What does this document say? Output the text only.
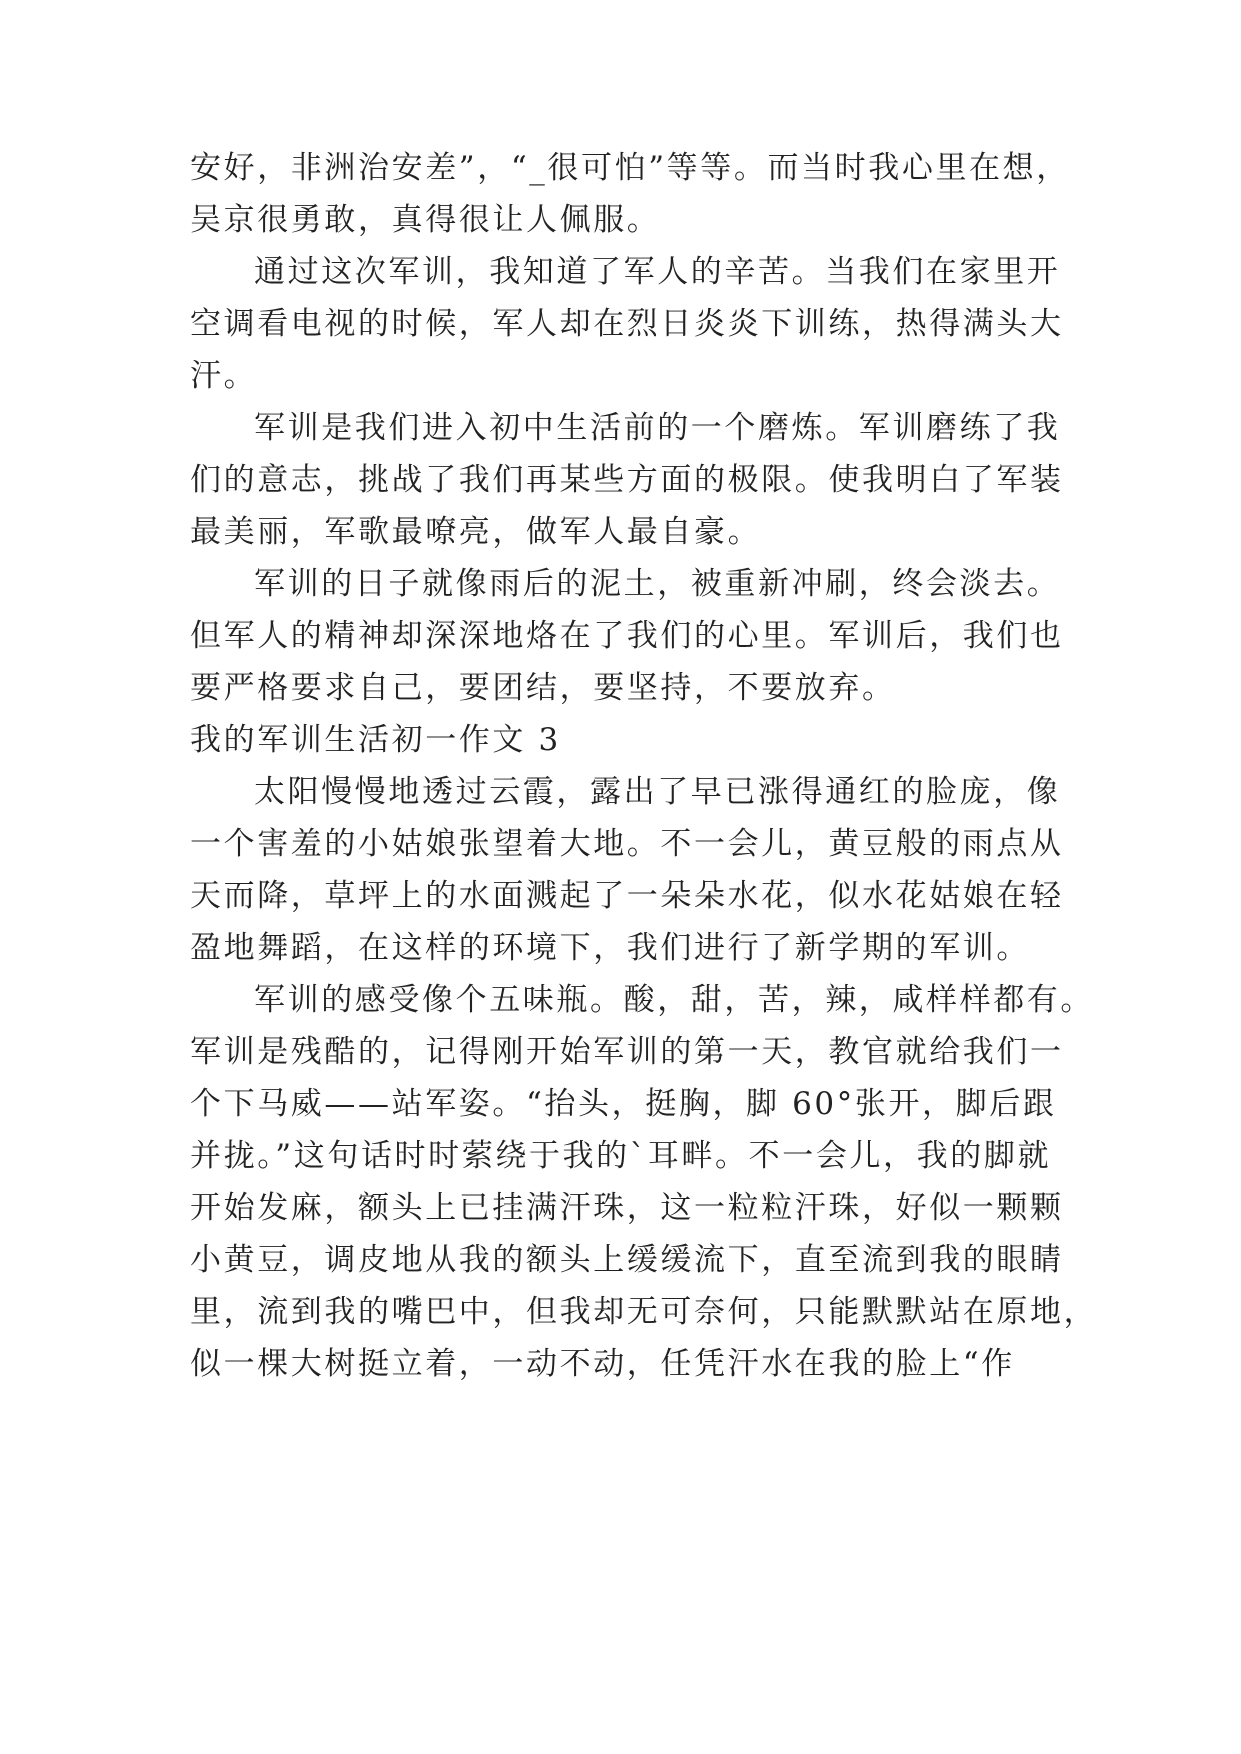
安好，非洲治安差”，“_很可怕”等等。而当时我心里在想，
吴京很勇敢，真得很让人佩服。
通过这次军训，我知道了军人的辛苦。当我们在家里开
空调看电视的时候，军人却在烈日炎炎下训练，热得满头大
汗。
军训是我们进入初中生活前的一个磨炼。军训磨练了我
们的意志，挑战了我们再某些方面的极限。使我明白了军装
最美丽，军歌最嘹亮，做军人最自豪。
军训的日子就像雨后的泥土，被重新冲刷，终会淡去。
但军人的精神却深深地烙在了我们的心里。军训后，我们也
要严格要求自己，要团结，要坚持，不要放弃。
我的军训生活初一作文 3
太阳慢慢地透过云霞，露出了早已涨得通红的脸庞，像
一个害羞的小姑娘张望着大地。不一会儿，黄豆般的雨点从
天而降，草坪上的水面溅起了一朵朵水花，似水花姑娘在轻
盈地舞蹈，在这样的环境下，我们进行了新学期的军训。
军训的感受像个五味瓶。酸，甜，苦，辣，咸样样都有。
军训是残酷的，记得刚开始军训的第一天，教官就给我们一
个下马威——站军姿。“抬头，挺胸，脚 60°张开，脚后跟
并拢。”这句话时时萦绕于我的`耳畔。不一会儿，我的脚就
开始发麻，额头上已挂满汗珠，这一粒粒汗珠，好似一颗颗
小黄豆，调皮地从我的额头上缓缓流下，直至流到我的眼睛
里，流到我的嘴巴中，但我却无可奈何，只能默默站在原地，
似一棵大树挺立着，一动不动，任凭汗水在我的脸上“作
